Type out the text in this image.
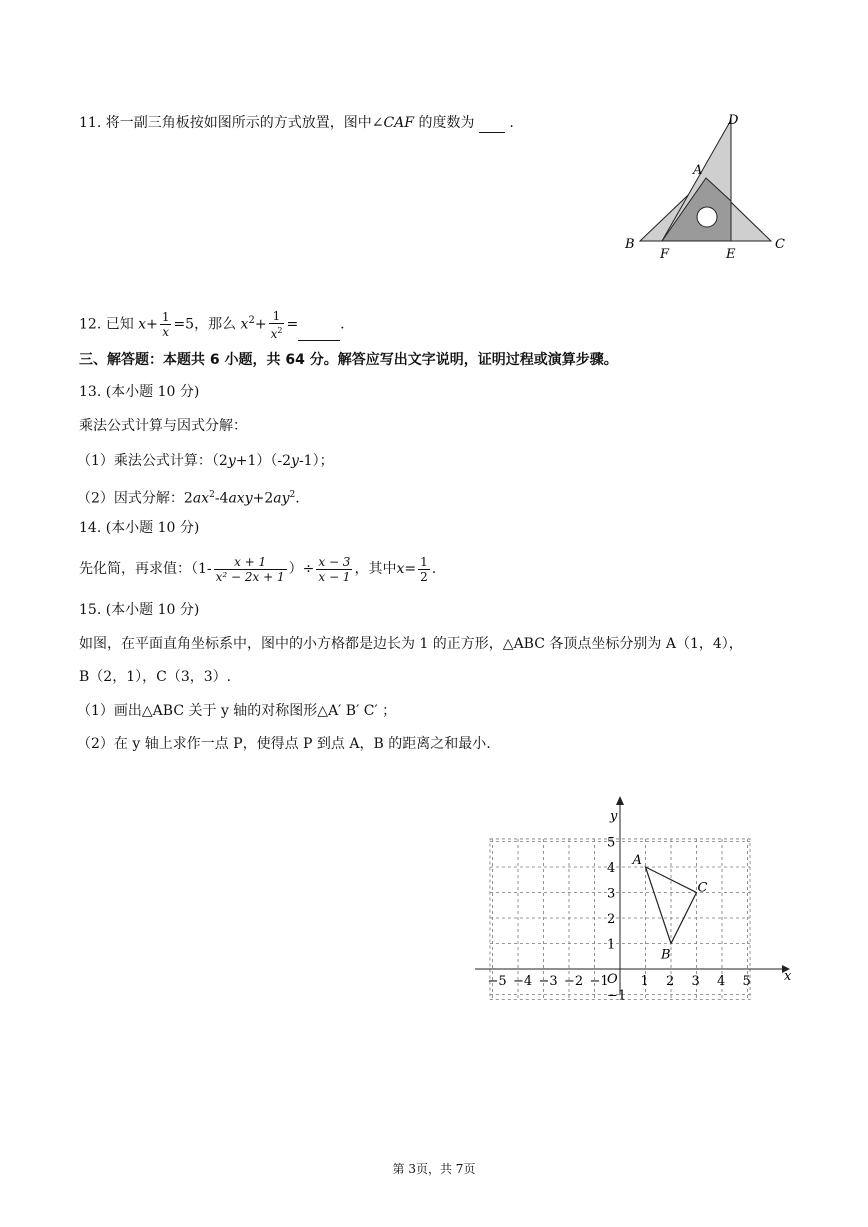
11. 将一副三角板按如图所示的方式放置，图中∠CAF 的度数为 .	D
A
B
F	E
C
12. 已知 $x+ \frac{1}{x} =5$，那么 $x^2+ \frac{1}{x^2}$ =	.
三、解答题：本题共 6 小题，共 64 分。解答应写出文字说明，证明过程或演算步骤。
13. (本小题 10 分)
乘法公式计算与因式分解：
（1）乘法公式计算：（2y+1）（-2y-1）；
（2）因式分解：$2ax^2-4axy+2ay^2$.
14. (本小题 10 分)
先化简，再求值：（$1- \frac{x + 1}{\text{x² − 2x + 1}}$ ）÷ $\frac{x - 3}{x - 1}$ ，其中$x= \frac{1}{2}$ .
15. (本小题 10 分)
如图，在平面直角坐标系中，图中的小方格都是边长为 1 的正方形，△ABC 各顶点坐标分别为 A（1，4），
B（2，1），C（3，3）.
（1）画出△ABC 关于 y 轴的对称图形△A′ B′ C′ ；
（2）在 y 轴上求作一点 P，使得点 P 到点 A，B 的距离之和最小.
x
y
O
−5 −4 −3 −2 −1 1 2 3 4 5
5
4
3
2
1
−1
A
B
C
第 3页，共 7页
